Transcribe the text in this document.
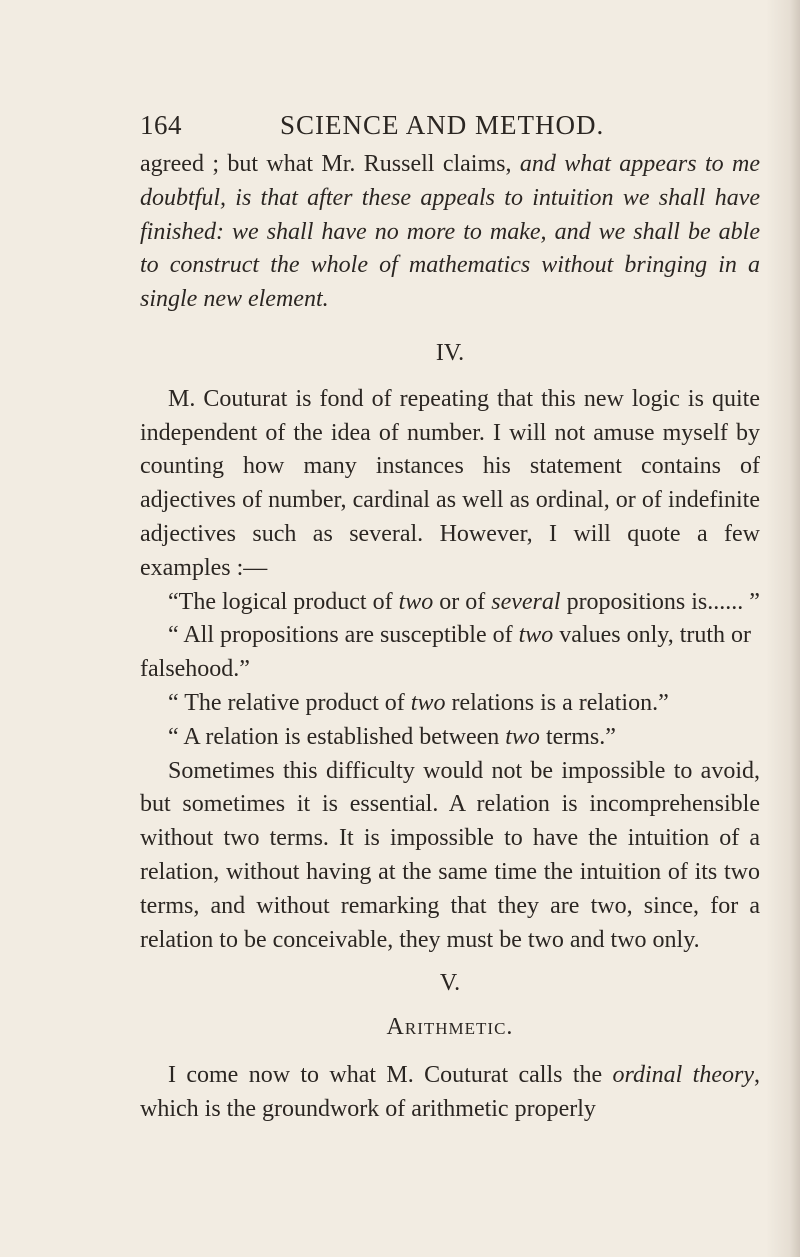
164	SCIENCE AND METHOD.

agreed ; but what Mr. Russell claims, and what appears to me doubtful, is that after these appeals to intuition we shall have finished: we shall have no more to make, and we shall be able to construct the whole of mathematics without bringing in a single new element.

IV.

M. Couturat is fond of repeating that this new logic is quite independent of the idea of number. I will not amuse myself by counting how many instances his statement contains of adjectives of number, cardinal as well as ordinal, or of indefinite adjectives such as several. However, I will quote a few examples :—

“The logical product of two or of several propositions is...... ”

“ All propositions are susceptible of two values only, truth or falsehood.”

“ The relative product of two relations is a relation.”

“ A relation is established between two terms.”

Sometimes this difficulty would not be impossible to avoid, but sometimes it is essential. A relation is incomprehensible without two terms. It is impossible to have the intuition of a relation, without having at the same time the intuition of its two terms, and without remarking that they are two, since, for a relation to be conceivable, they must be two and two only.

V.
Arithmetic.

I come now to what M. Couturat calls the ordinal theory, which is the groundwork of arithmetic properly
